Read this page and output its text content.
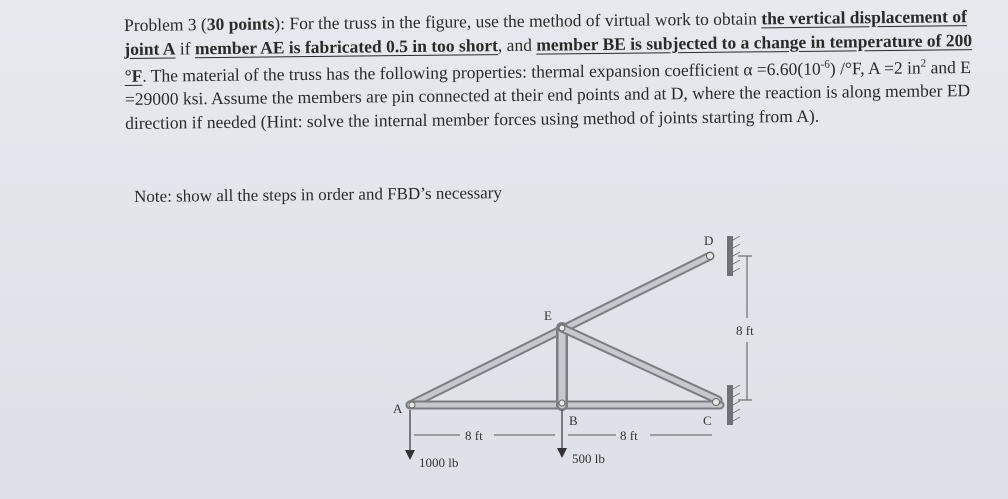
Problem 3 (30 points): For the truss in the figure, use the method of virtual work to obtain the vertical displacement of joint A if member AE is fabricated 0.5 in too short, and member BE is subjected to a change in temperature of 200 °F. The material of the truss has the following properties: thermal expansion coefficient $\alpha =6.60(10^{-6})$ /°F, A =2 $in^2$ and E =29000 ksi. Assume the members are pin connected at their end points and at D, where the reaction is along member ED direction if needed (Hint: solve the internal member forces using method of joints starting from A).

Note: show all the steps in order and FBD’s necessary
A
E
B	C
D
8 ft	8 ft
8 ft
1000 lb	500 lb
